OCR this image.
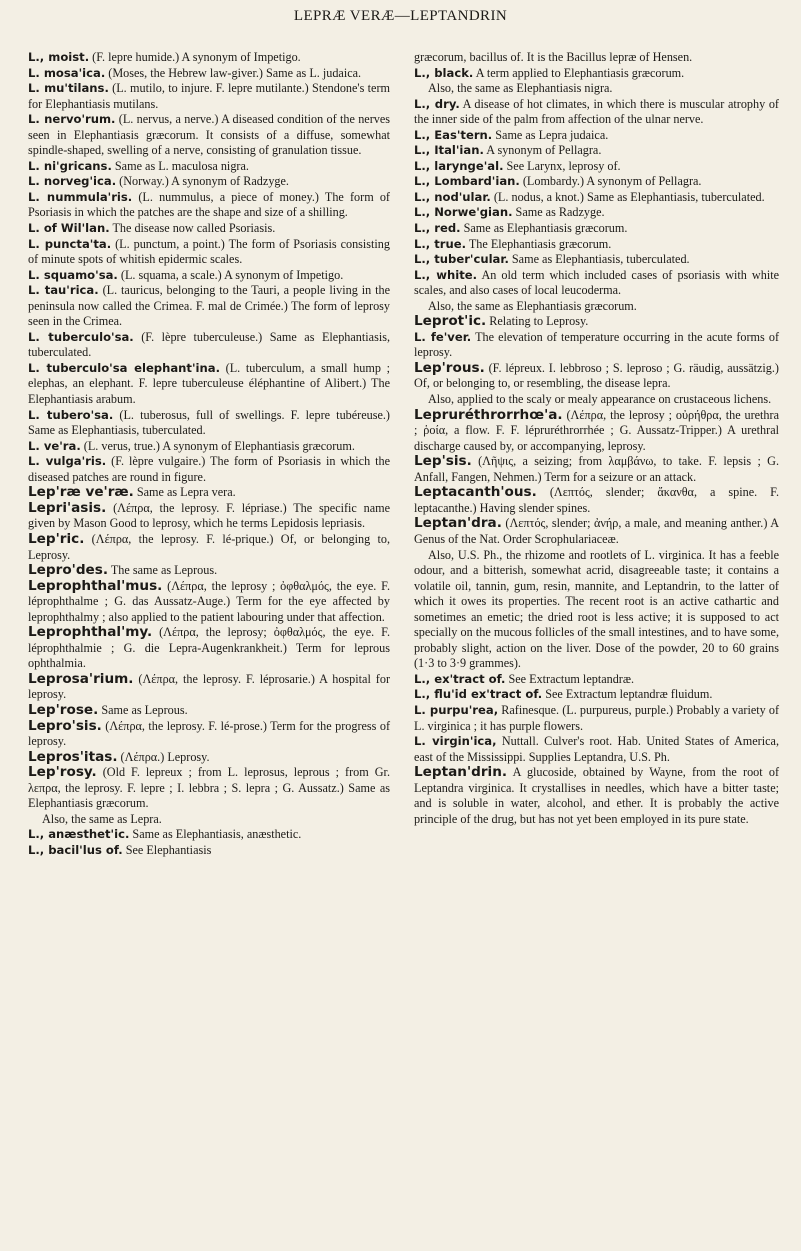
LEPRÆ VERÆ—LEPTANDRIN

L., moist. (F. lepre humide.) A synonym of Impetigo.

L. mosa'ica. (Moses, the Hebrew law-giver.) Same as L. judaica.

L. mu'tilans. (L. mutilo, to injure. F. lepre mutilante.) Stendone's term for Elephantiasis mutilans.

L. nervo'rum. (L. nervus, a nerve.) A diseased condition of the nerves seen in Elephantiasis græcorum. It consists of a diffuse, somewhat spindle-shaped, swelling of a nerve, consisting of granulation tissue.

L. ni'gricans. Same as L. maculosa nigra.

L. norveg'ica. (Norway.) A synonym of Radzyge.

L. nummula'ris. (L. nummulus, a piece of money.) The form of Psoriasis in which the patches are the shape and size of a shilling.

L. of Wil'lan. The disease now called Psoriasis.

L. puncta'ta. (L. punctum, a point.) The form of Psoriasis consisting of minute spots of whitish epidermic scales.

L. squamo'sa. (L. squama, a scale.) A synonym of Impetigo.

L. tau'rica. (L. tauricus, belonging to the Tauri, a people living in the peninsula now called the Crimea. F. mal de Crimée.) The form of leprosy seen in the Crimea.

L. tuberculo'sa. (F. lèpre tuberculeuse.) Same as Elephantiasis, tuberculated.

L. tuberculo'sa elephant'ina. (L. tuberculum, a small hump ; elephas, an elephant. F. lepre tuberculeuse éléphantine of Alibert.) The Elephantiasis arabum.

L. tubero'sa. (L. tuberosus, full of swellings. F. lepre tubéreuse.) Same as Elephantiasis, tuberculated.

L. ve'ra. (L. verus, true.) A synonym of Elephantiasis græcorum.

L. vulga'ris. (F. lèpre vulgaire.) The form of Psoriasis in which the diseased patches are round in figure.

Lep'ræ ve'ræ. Same as Lepra vera.

Lepri'asis. (Λέπρα, the leprosy. F. lépriase.) The specific name given by Mason Good to leprosy, which he terms Lepidosis lepriasis.

Lep'ric. (Λέπρα, the leprosy. F. lé-prique.) Of, or belonging to, Leprosy.

Lepro'des. The same as Leprous.

Leprophthal'mus. (Λέπρα, the leprosy ; ὀφθαλμός, the eye. F. léprophthalme ; G. das Aussatz-Auge.) Term for the eye affected by leprophthalmy ; also applied to the patient labouring under that affection.

Leprophthal'my. (Λέπρα, the leprosy; ὀφθαλμός, the eye. F. léprophthalmie ; G. die Lepra-Augenkrankheit.) Term for leprous ophthalmia.

Leprosa'rium. (Λέπρα, the leprosy. F. léprosarie.) A hospital for leprosy.

Lep'rose. Same as Leprous.

Lepro'sis. (Λέπρα, the leprosy. F. lé-prose.) Term for the progress of leprosy.

Lepros'itas. (Λέπρα.) Leprosy.

Lep'rosy. (Old F. lepreux ; from L. leprosus, leprous ; from Gr. λεπρα, the leprosy. F. lepre ; I. lebbra ; S. lepra ; G. Aussatz.) Same as Elephantiasis græcorum.

Also, the same as Lepra.

L., anæsthet'ic. Same as Elephantiasis, anæsthetic.

L., bacil'lus of. See Elephantiasis

græcorum, bacillus of. It is the Bacillus lepræ of Hensen.

L., black. A term applied to Elephantiasis græcorum.

Also, the same as Elephantiasis nigra.

L., dry. A disease of hot climates, in which there is muscular atrophy of the inner side of the palm from affection of the ulnar nerve.

L., Eas'tern. Same as Lepra judaica.

L., Ital'ian. A synonym of Pellagra.

L., larynge'al. See Larynx, leprosy of.

L., Lombard'ian. (Lombardy.) A synonym of Pellagra.

L., nod'ular. (L. nodus, a knot.) Same as Elephantiasis, tuberculated.

L., Norwe'gian. Same as Radzyge.

L., red. Same as Elephantiasis græcorum.

L., true. The Elephantiasis græcorum.

L., tuber'cular. Same as Elephantiasis, tuberculated.

L., white. An old term which included cases of psoriasis with white scales, and also cases of local leucoderma.

Also, the same as Elephantiasis græcorum.

Leprot'ic. Relating to Leprosy.

L. fe'ver. The elevation of temperature occurring in the acute forms of leprosy.

Lep'rous. (F. lépreux. I. lebbroso ; S. leproso ; G. räudig, aussätzig.) Of, or belonging to, or resembling, the disease lepra.

Also, applied to the scaly or mealy appearance on crustaceous lichens.

Lepruréthrorrhœ'a. (Λέπρα, the leprosy ; οὐρήθρα, the urethra ; ῥοία, a flow. F. F. lépruréthrorrhée ; G. Aussatz-Tripper.) A urethral discharge caused by, or accompanying, leprosy.

Lep'sis. (Λῆψις, a seizing; from λαμβάνω, to take. F. lepsis ; G. Anfall, Fangen, Nehmen.) Term for a seizure or an attack.

Leptacanth'ous. (Λεπτός, slender; ἄκανθα, a spine. F. leptacanthe.) Having slender spines.

Leptan'dra. (Λεπτός, slender; ἀνήρ, a male, and meaning anther.) A Genus of the Nat. Order Scrophulariaceæ.

Also, U.S. Ph., the rhizome and rootlets of L. virginica. It has a feeble odour, and a bitterish, somewhat acrid, disagreeable taste; it contains a volatile oil, tannin, gum, resin, mannite, and Leptandrin, to the latter of which it owes its properties. The recent root is an active cathartic and sometimes an emetic; the dried root is less active; it is supposed to act specially on the mucous follicles of the small intestines, and to have some, probably slight, action on the liver. Dose of the powder, 20 to 60 grains (1·3 to 3·9 grammes).

L., ex'tract of. See Extractum leptandræ.

L., flu'id ex'tract of. See Extractum leptandræ fluidum.

L. purpu'rea, Rafinesque. (L. purpureus, purple.) Probably a variety of L. virginica ; it has purple flowers.

L. virgin'ica, Nuttall. Culver's root. Hab. United States of America, east of the Mississippi. Supplies Leptandra, U.S. Ph.

Leptan'drin. A glucoside, obtained by Wayne, from the root of Leptandra virginica. It crystallises in needles, which have a bitter taste; and is soluble in water, alcohol, and ether. It is probably the active principle of the drug, but has not yet been employed in its pure state.
